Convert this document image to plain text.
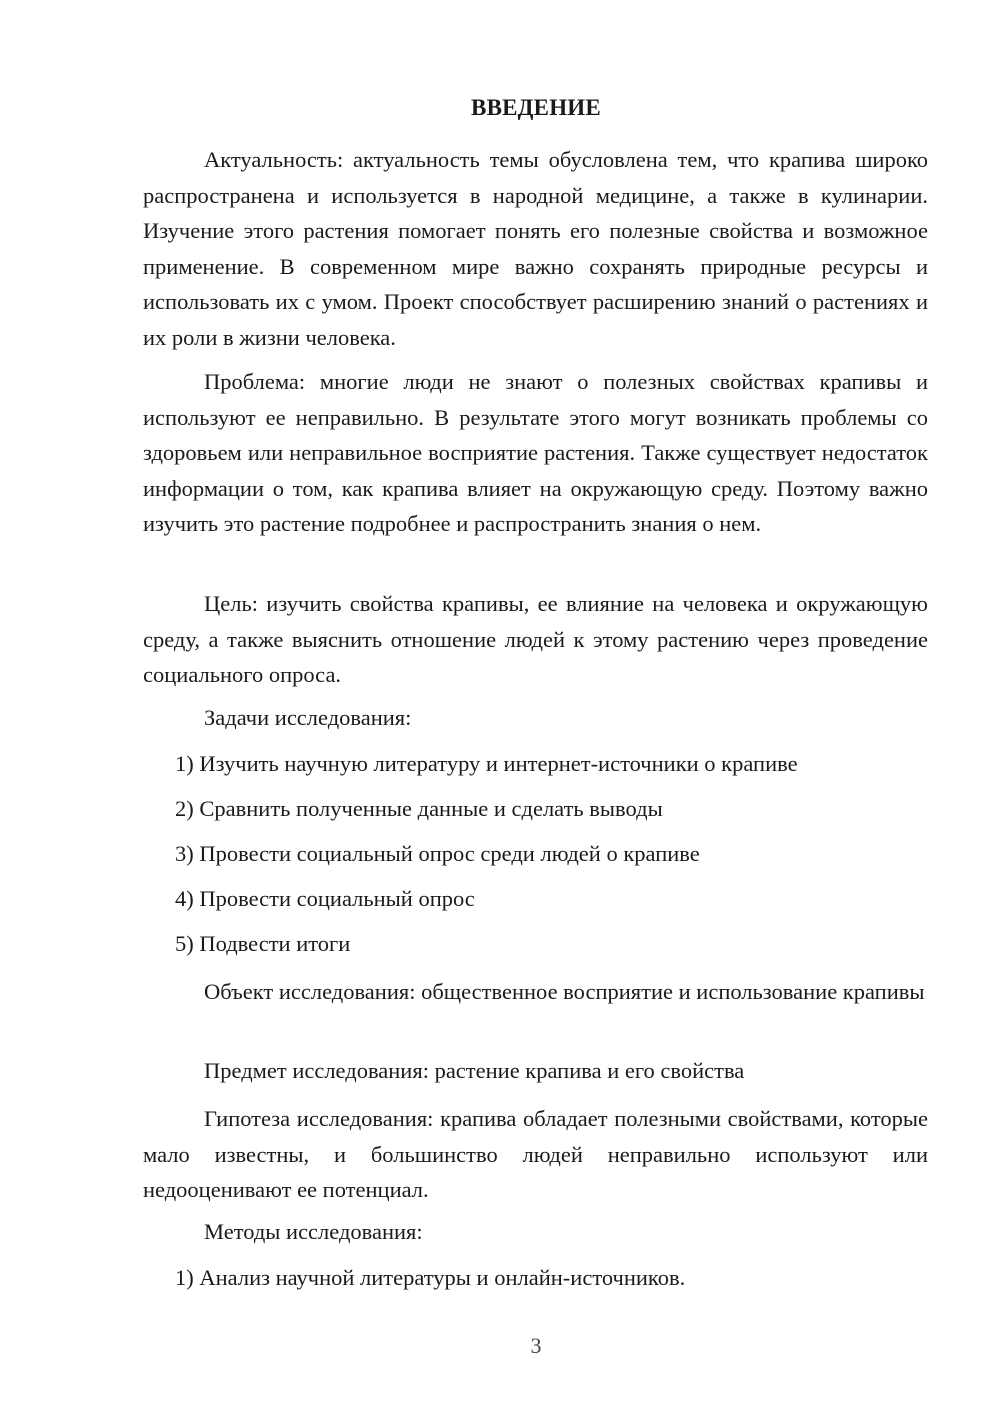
ВВЕДЕНИЕ

Актуальность: актуальность темы обусловлена тем, что крапива широко распространена и используется в народной медицине, а также в кулинарии. Изучение этого растения помогает понять его полезные свойства и возможное применение. В современном мире важно сохранять природные ресурсы и использовать их с умом. Проект способствует расширению знаний о растениях и их роли в жизни человека.

Проблема: многие люди не знают о полезных свойствах крапивы и используют ее неправильно. В результате этого могут возникать проблемы со здоровьем или неправильное восприятие растения. Также существует недостаток информации о том, как крапива влияет на окружающую среду. Поэтому важно изучить это растение подробнее и распространить знания о нем.

Цель: изучить свойства крапивы, ее влияние на человека и окружающую среду, а также выяснить отношение людей к этому растению через проведение социального опроса.

Задачи исследования:

1) Изучить научную литературу и интернет-источники о крапиве

2) Сравнить полученные данные и сделать выводы

3) Провести социальный опрос среди людей о крапиве

4) Провести социальный опрос

5) Подвести итоги

Объект исследования: общественное восприятие и использование крапивы

Предмет исследования: растение крапива и его свойства

Гипотеза исследования: крапива обладает полезными свойствами, которые мало известны, и большинство людей неправильно используют или недооценивают ее потенциал.

Методы исследования:

1) Анализ научной литературы и онлайн-источников.

3
